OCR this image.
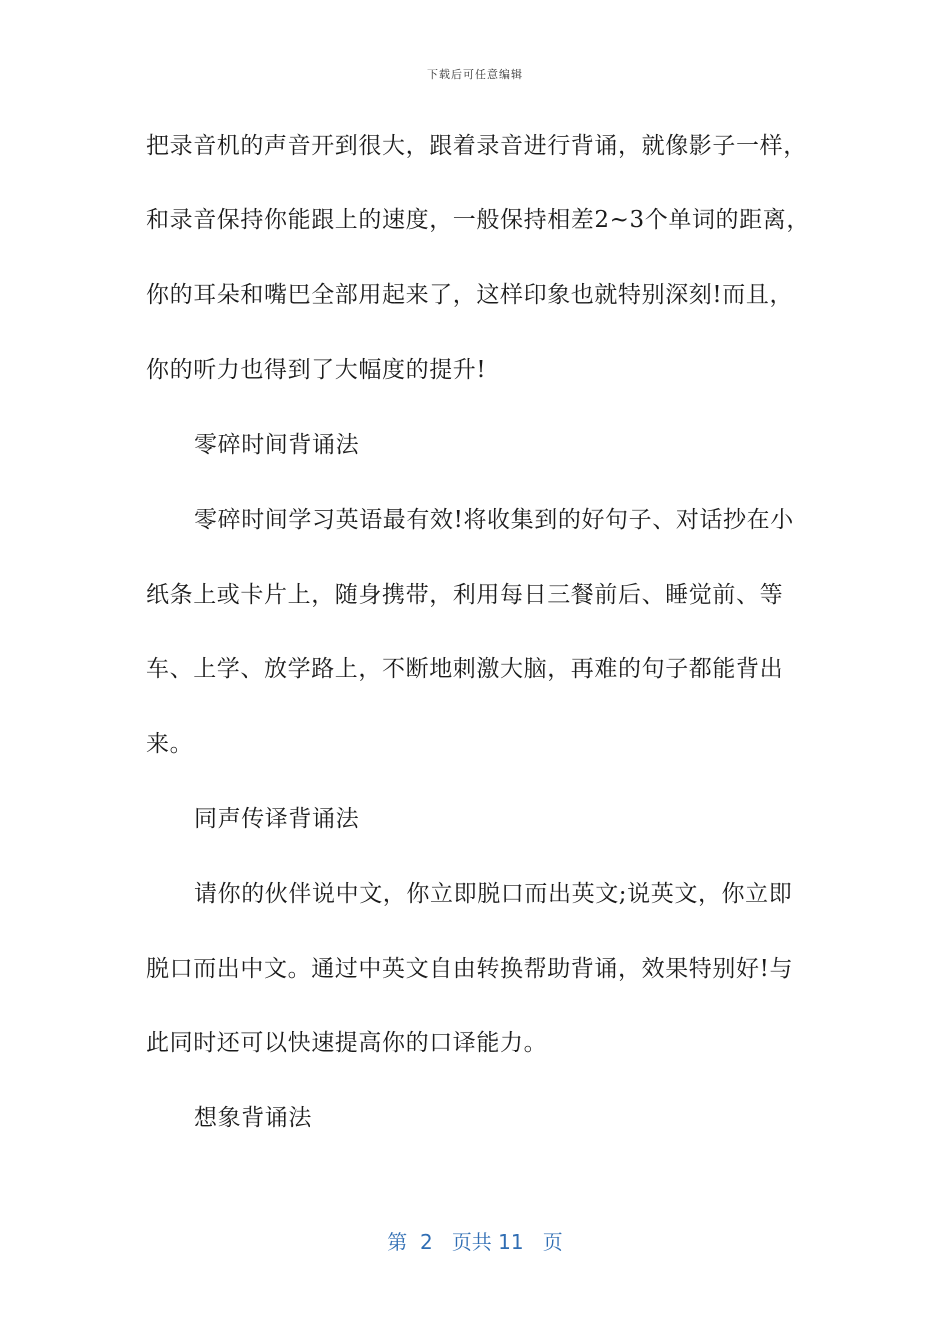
下载后可任意编辑
把录音机的声音开到很大，跟着录音进行背诵，就像影子一样，
和录音保持你能跟上的速度，一般保持相差2~3个单词的距离，
你的耳朵和嘴巴全部用起来了，这样印象也就特别深刻!而且，
你的听力也得到了大幅度的提升!
零碎时间背诵法
零碎时间学习英语最有效!将收集到的好句子、对话抄在小
纸条上或卡片上，随身携带，利用每日三餐前后、睡觉前、等
车、上学、放学路上，不断地刺激大脑，再难的句子都能背出
来。
同声传译背诵法
请你的伙伴说中文，你立即脱口而出英文;说英文，你立即
脱口而出中文。通过中英文自由转换帮助背诵，效果特别好!与
此同时还可以快速提高你的口译能力。
想象背诵法
第 2 页共 11 页
